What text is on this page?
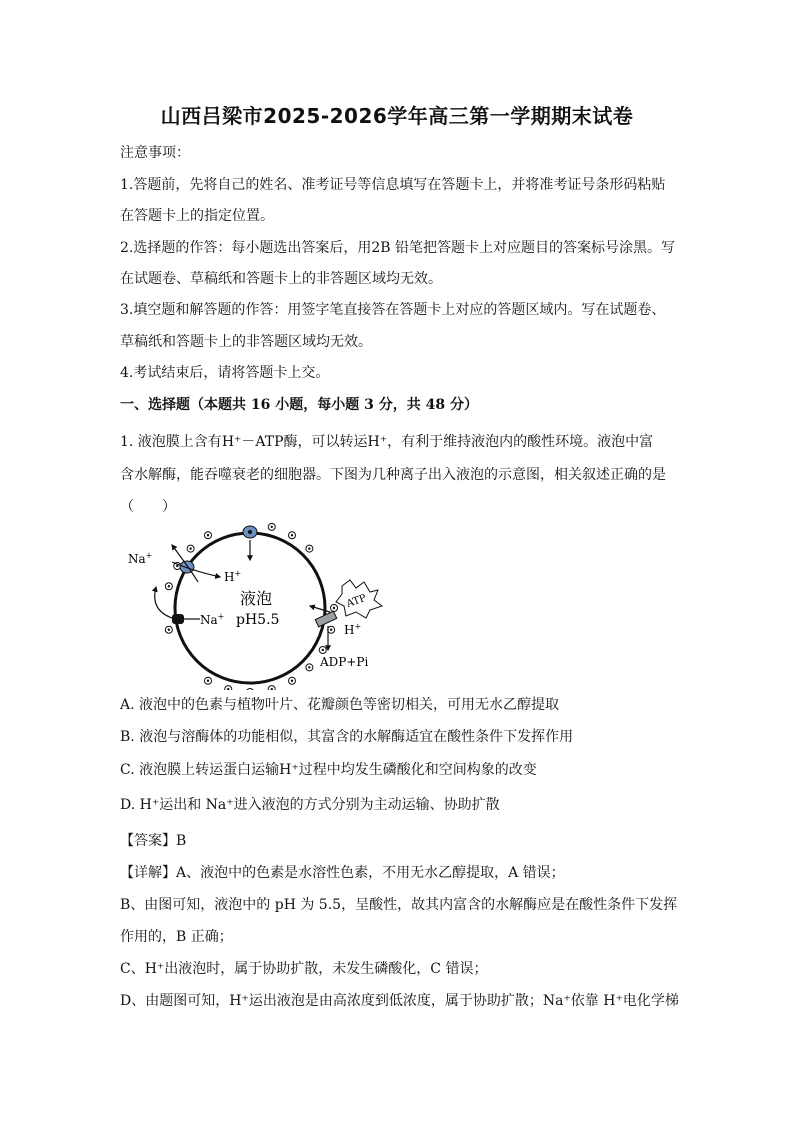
山西吕梁市2025-2026学年高三第一学期期末试卷
注意事项：
1.答题前，先将自己的姓名、准考证号等信息填写在答题卡上，并将准考证号条形码粘贴
在答题卡上的指定位置。
2.选择题的作答：每小题选出答案后，用2B 铅笔把答题卡上对应题目的答案标号涂黑。写
在试题卷、草稿纸和答题卡上的非答题区域均无效。
3.填空题和解答题的作答：用签字笔直接答在答题卡上对应的答题区域内。写在试题卷、
草稿纸和答题卡上的非答题区域均无效。
4.考试结束后，请将答题卡上交。
一、选择题（本题共 16 小题，每小题 3 分，共 48 分）
1. 液泡膜上含有H⁺－ATP酶，可以转运H⁺，有利于维持液泡内的酸性环境。液泡中富
含水解酶，能吞噬衰老的细胞器。下图为几种离子出入液泡的示意图，相关叙述正确的是
（　　）
液泡
pH5.5
Na+
H+
Na+
ATP
H+
ADP+Pi
A. 液泡中的色素与植物叶片、花瓣颜色等密切相关，可用无水乙醇提取
B. 液泡与溶酶体的功能相似，其富含的水解酶适宜在酸性条件下发挥作用
C. 液泡膜上转运蛋白运输H⁺过程中均发生磷酸化和空间构象的改变
D. H⁺运出和 Na⁺进入液泡的方式分别为主动运输、协助扩散
【答案】B
【详解】A、液泡中的色素是水溶性色素，不用无水乙醇提取，A 错误；
B、由图可知，液泡中的 pH 为 5.5，呈酸性，故其内富含的水解酶应是在酸性条件下发挥
作用的，B 正确；
C、H⁺出液泡时，属于协助扩散，未发生磷酸化，C 错误；
D、由题图可知，H⁺运出液泡是由高浓度到低浓度，属于协助扩散；Na⁺依靠 H⁺电化学梯
